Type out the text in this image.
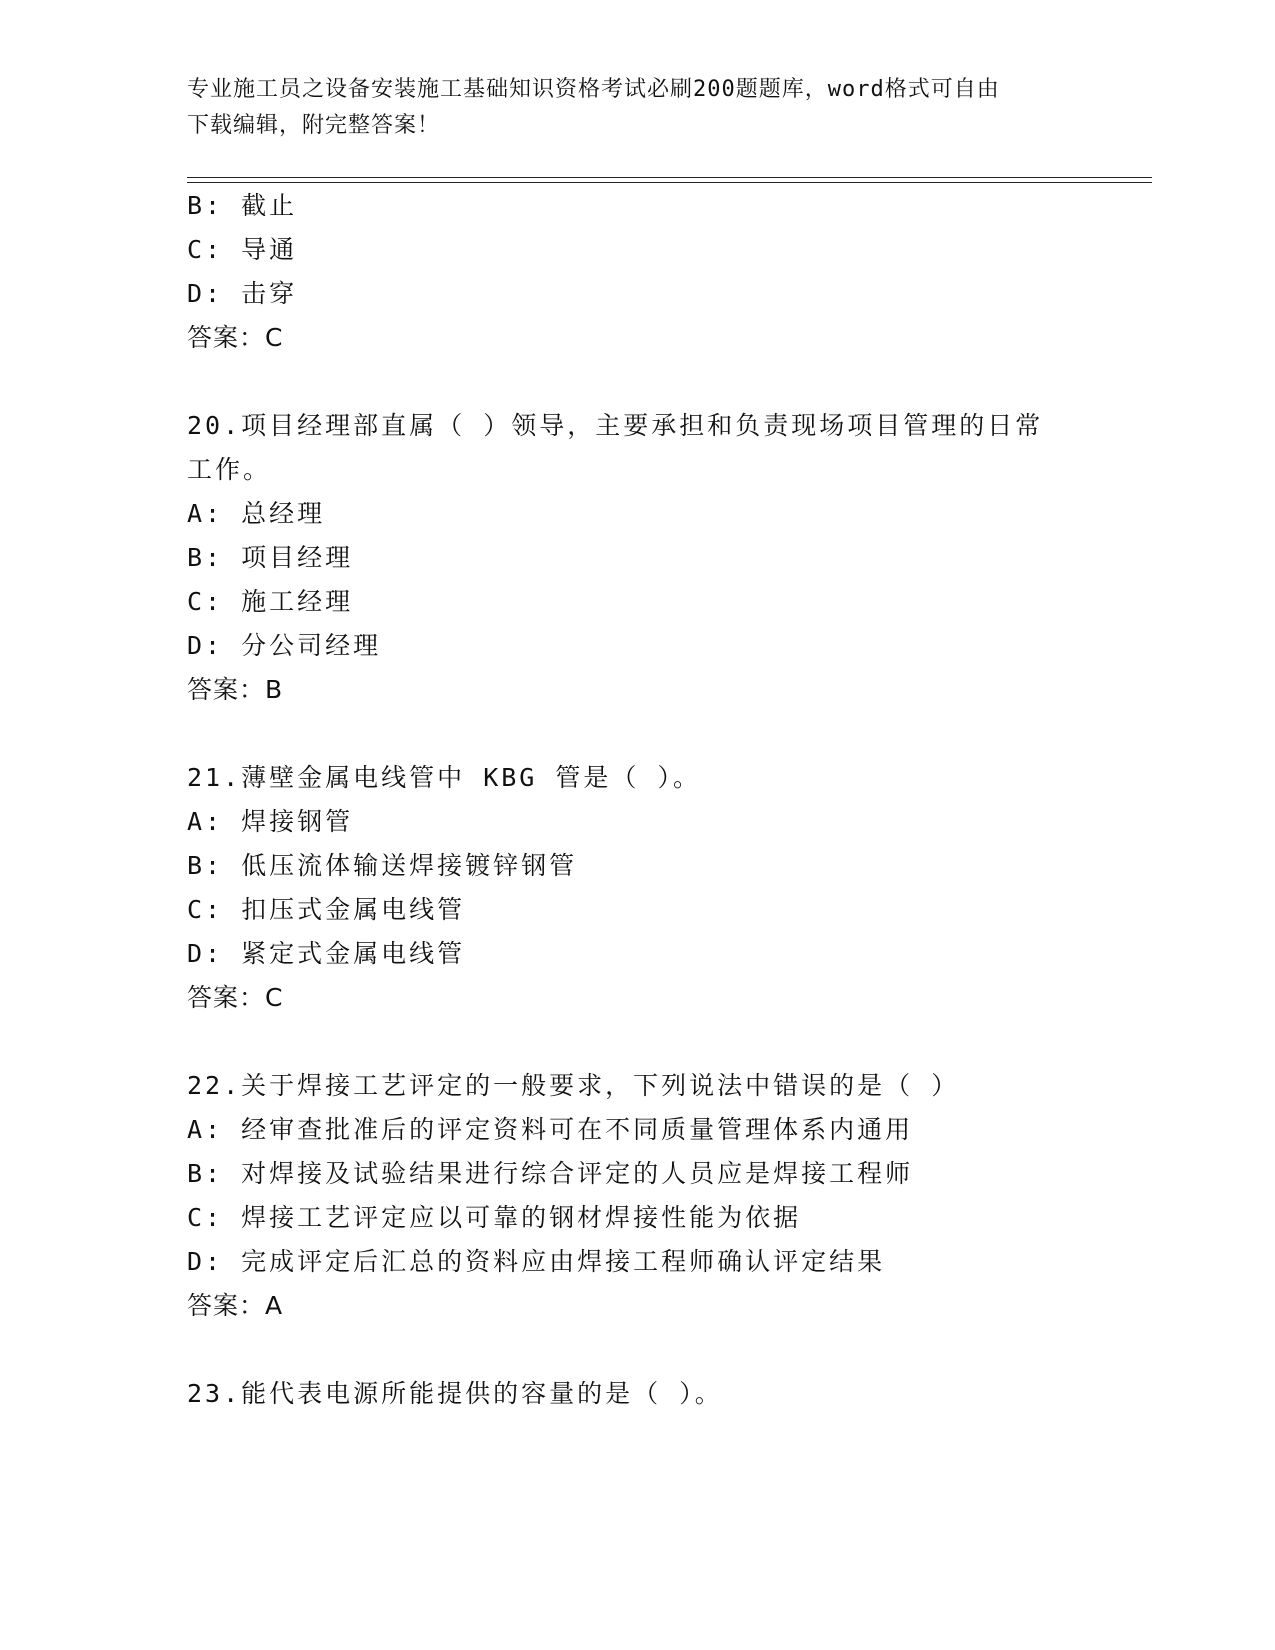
专业施工员之设备安装施工基础知识资格考试必刷200题题库，word格式可自由
下载编辑，附完整答案！
B: 截止
C: 导通
D: 击穿
答案：C
20.项目经理部直属（ ）领导，主要承担和负责现场项目管理的日常
工作。
A: 总经理
B: 项目经理
C: 施工经理
D: 分公司经理
答案：B
21.薄壁金属电线管中 KBG 管是（ ）。
A: 焊接钢管
B: 低压流体输送焊接镀锌钢管
C: 扣压式金属电线管
D: 紧定式金属电线管
答案：C
22.关于焊接工艺评定的一般要求，下列说法中错误的是（ ）
A: 经审查批准后的评定资料可在不同质量管理体系内通用
B: 对焊接及试验结果进行综合评定的人员应是焊接工程师
C: 焊接工艺评定应以可靠的钢材焊接性能为依据
D: 完成评定后汇总的资料应由焊接工程师确认评定结果
答案：A
23.能代表电源所能提供的容量的是（ ）。
